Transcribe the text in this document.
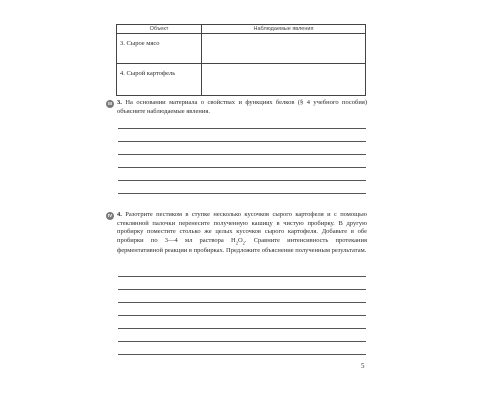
Объект	Наблюдаемые явления
3. Сырое мясо	
4. Сырой картофель	
III 3. На основании материала о свойствах и функциях белков (§ 4 учебного пособия) объясните наблюдаемые явления.
IV 4. Разотрите пестиком в ступке несколько кусочков сырого картофеля и с помощью стеклянной палочки перенесите полученную кашицу в чистую пробирку. В другую пробирку поместите столько же целых кусочков сырого картофеля. Добавьте в обе пробирки по 3—4 мл раствора $H_2O_2$. Сравните интенсивность протекания ферментативной реакции в пробирках. Предложите объяснение полученным результатам.
5
